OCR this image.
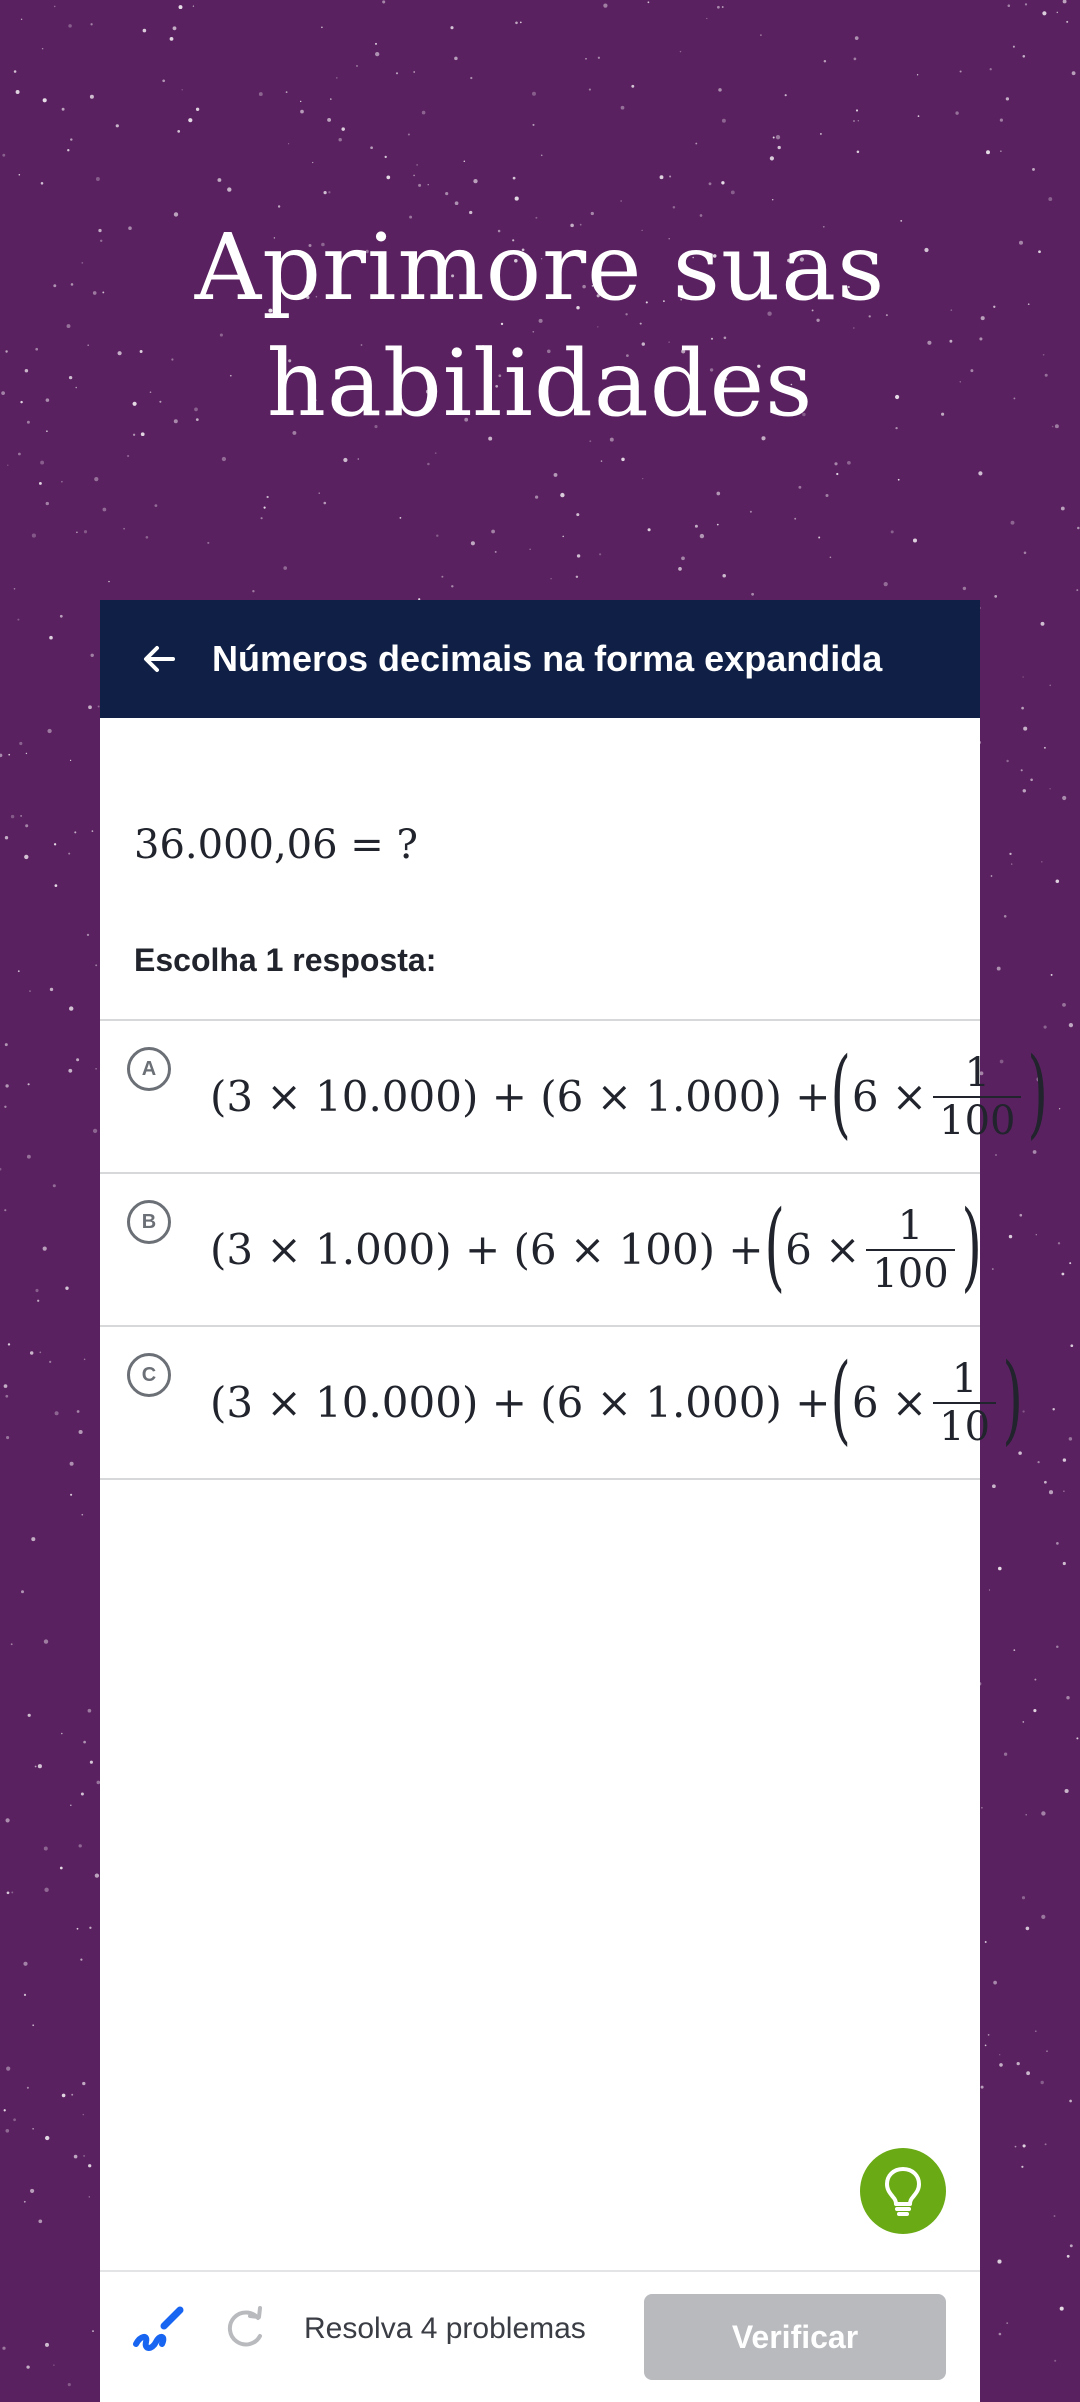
Aprimore suas
habilidades
Números decimais na forma expandida
36.000,06 = ?
Escolha 1 resposta:
A
(3 × 10.000) + (6 × 1.000) + ( $6 \times \frac{1}{100}$ )
B
(3 × 1.000) + (6 × 100) + ( $6 \times \frac{1}{100}$ )
C
(3 × 10.000) + (6 × 1.000) + ( $6 \times \frac{1}{10}$ )
Resolva 4 problemas	Verificar
